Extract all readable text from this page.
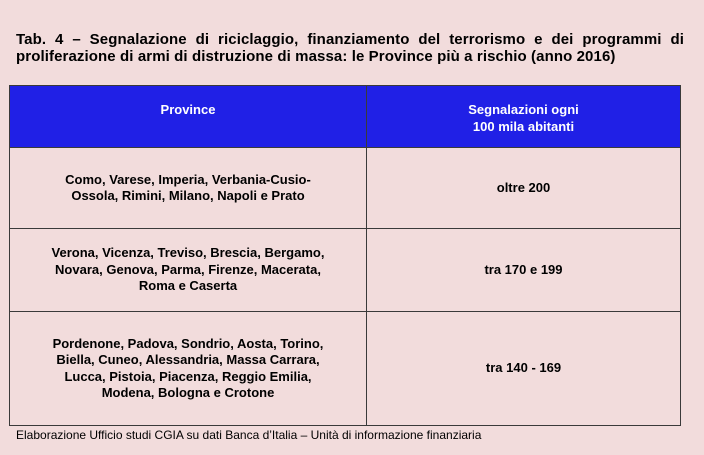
Tab. 4 – Segnalazione di riciclaggio, finanziamento del terrorismo e dei programmi di proliferazione di armi di distruzione di massa: le Province più a rischio (anno 2016)
Province	Segnalazioni ogni
100 mila abitanti
Como, Varese, Imperia, Verbania-Cusio-
Ossola, Rimini, Milano, Napoli e Prato	oltre 200
Verona, Vicenza, Treviso, Brescia, Bergamo,
Novara, Genova, Parma, Firenze, Macerata,
Roma e Caserta	tra 170 e 199
Pordenone, Padova, Sondrio, Aosta, Torino,
Biella, Cuneo, Alessandria, Massa Carrara,
Lucca, Pistoia, Piacenza, Reggio Emilia,
Modena, Bologna e Crotone	tra 140 - 169
Elaborazione Ufficio studi CGIA su dati Banca d’Italia – Unità di informazione finanziaria
